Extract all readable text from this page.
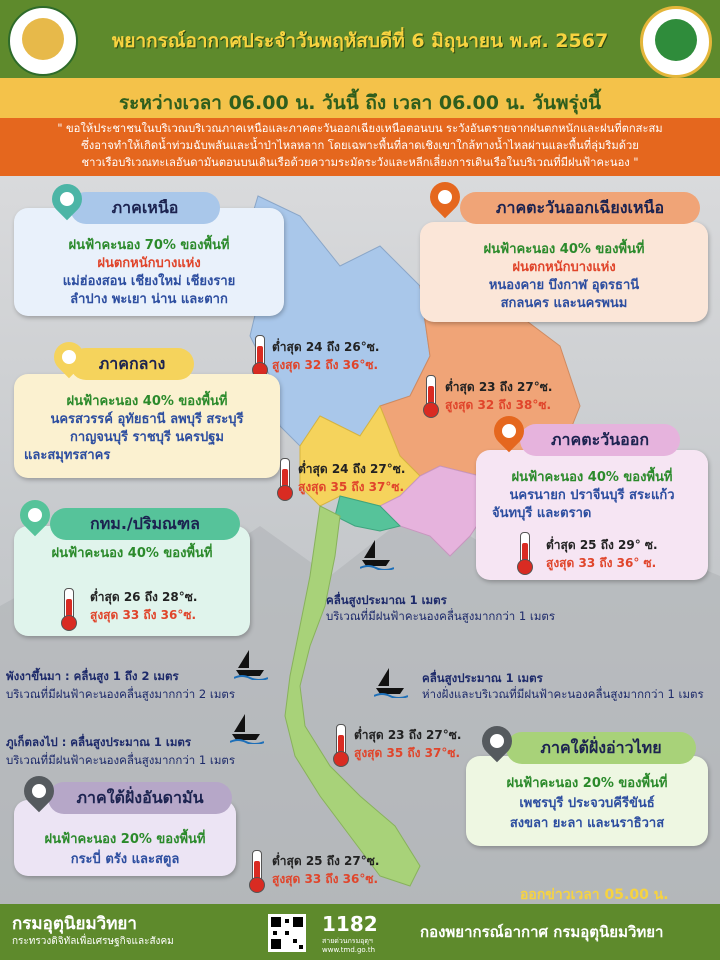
พยากรณ์อากาศประจำวันพฤหัสบดีที่ 6 มิถุนายน พ.ศ. 2567
ระหว่างเวลา 06.00 น. วันนี้ ถึง เวลา 06.00 น. วันพรุ่งนี้
" ขอให้ประชาชนในบริเวณบริเวณภาคเหนือและภาคตะวันออกเฉียงเหนือตอนบน ระวังอันตรายจากฝนตกหนักและฝนที่ตกสะสม
ซึ่งอาจทำให้เกิดน้ำท่วมฉับพลันและน้ำป่าไหลหลาก โดยเฉพาะพื้นที่ลาดเชิงเขาใกล้ทางน้ำไหลผ่านและพื้นที่ลุ่มริมด้วย
ชาวเรือบริเวณทะเลอันดามันตอนบนเดินเรือด้วยความระมัดระวังและหลีกเลี่ยงการเดินเรือในบริเวณที่มีฝนฟ้าคะนอง "
ฝนฟ้าคะนอง 70% ของพื้นที่
ฝนตกหนักบางแห่ง
แม่ฮ่องสอน เชียงใหม่ เชียงราย
ลำปาง พะเยา น่าน และตาก
ภาคเหนือ
ต่ำสุด 24 ถึง 26°ซ.
สูงสุด 32 ถึง 36°ซ.
ฝนฟ้าคะนอง 40% ของพื้นที่
ฝนตกหนักบางแห่ง
หนองคาย บึงกาฬ อุดรธานี
สกลนคร และนครพนม
ภาคตะวันออกเฉียงเหนือ
ต่ำสุด 23 ถึง 27°ซ.
สูงสุด 32 ถึง 38°ซ.
ฝนฟ้าคะนอง 40% ของพื้นที่
นครสวรรค์ อุทัยธานี ลพบุรี สระบุรี
กาญจนบุรี ราชบุรี นครปฐม
และสมุทรสาคร
ภาคกลาง
ต่ำสุด 24 ถึง 27°ซ.
สูงสุด 35 ถึง 37°ซ.
ฝนฟ้าคะนอง 40% ของพื้นที่
นครนายก ปราจีนบุรี สระแก้ว
จันทบุรี และตราด
ต่ำสุด 25 ถึง 29° ซ.
สูงสุด 33 ถึง 36° ซ.
ภาคตะวันออก
ฝนฟ้าคะนอง 40% ของพื้นที่
ต่ำสุด 26 ถึง 28°ซ.
สูงสุด 33 ถึง 36°ซ.
กทม./ปริมณฑล
ฝนฟ้าคะนอง 20% ของพื้นที่
เพชรบุรี ประจวบคีรีขันธ์
สงขลา ยะลา และนราธิวาส
ภาคใต้ฝั่งอ่าวไทย
ต่ำสุด 23 ถึง 27°ซ.
สูงสุด 35 ถึง 37°ซ.
ฝนฟ้าคะนอง 20% ของพื้นที่
กระบี่ ตรัง และสตูล
ภาคใต้ฝั่งอันดามัน
ต่ำสุด 25 ถึง 27°ซ.
สูงสุด 33 ถึง 36°ซ.
คลื่นสูงประมาณ 1 เมตร
บริเวณที่มีฝนฟ้าคะนองคลื่นสูงมากกว่า 1 เมตร
คลื่นสูงประมาณ 1 เมตร
ห่างฝั่งและบริเวณที่มีฝนฟ้าคะนองคลื่นสูงมากกว่า 1 เมตร
พังงาขึ้นมา : คลื่นสูง 1 ถึง 2 เมตร
บริเวณที่มีฝนฟ้าคะนองคลื่นสูงมากกว่า 2 เมตร
ภูเก็ตลงไป : คลื่นสูงประมาณ 1 เมตร
บริเวณที่มีฝนฟ้าคะนองคลื่นสูงมากกว่า 1 เมตร
ออกข่าวเวลา 05.00 น.
กรมอุตุนิยมวิทยา
กระทรวงดิจิทัลเพื่อเศรษฐกิจและสังคม
1182
สายด่วนกรมอุตุฯ
www.tmd.go.th
กองพยากรณ์อากาศ กรมอุตุนิยมวิทยา
